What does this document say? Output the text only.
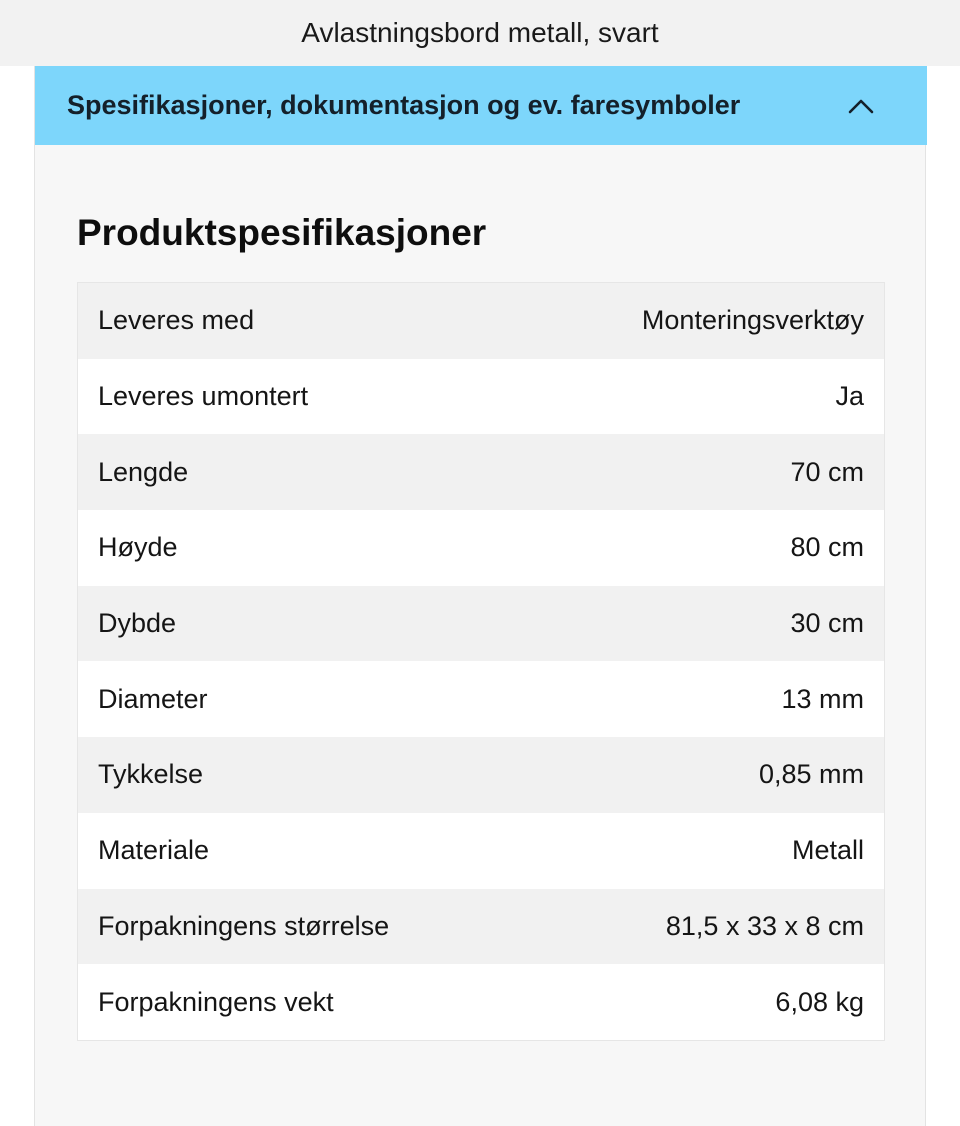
Avlastningsbord metall, svart
Spesifikasjoner, dokumentasjon og ev. faresymboler
Produktspesifikasjoner
Leveres med	Monteringsverktøy
Leveres umontert	Ja
Lengde	70 cm
Høyde	80 cm
Dybde	30 cm
Diameter	13 mm
Tykkelse	0,85 mm
Materiale	Metall
Forpakningens størrelse	81,5 x 33 x 8 cm
Forpakningens vekt	6,08 kg
